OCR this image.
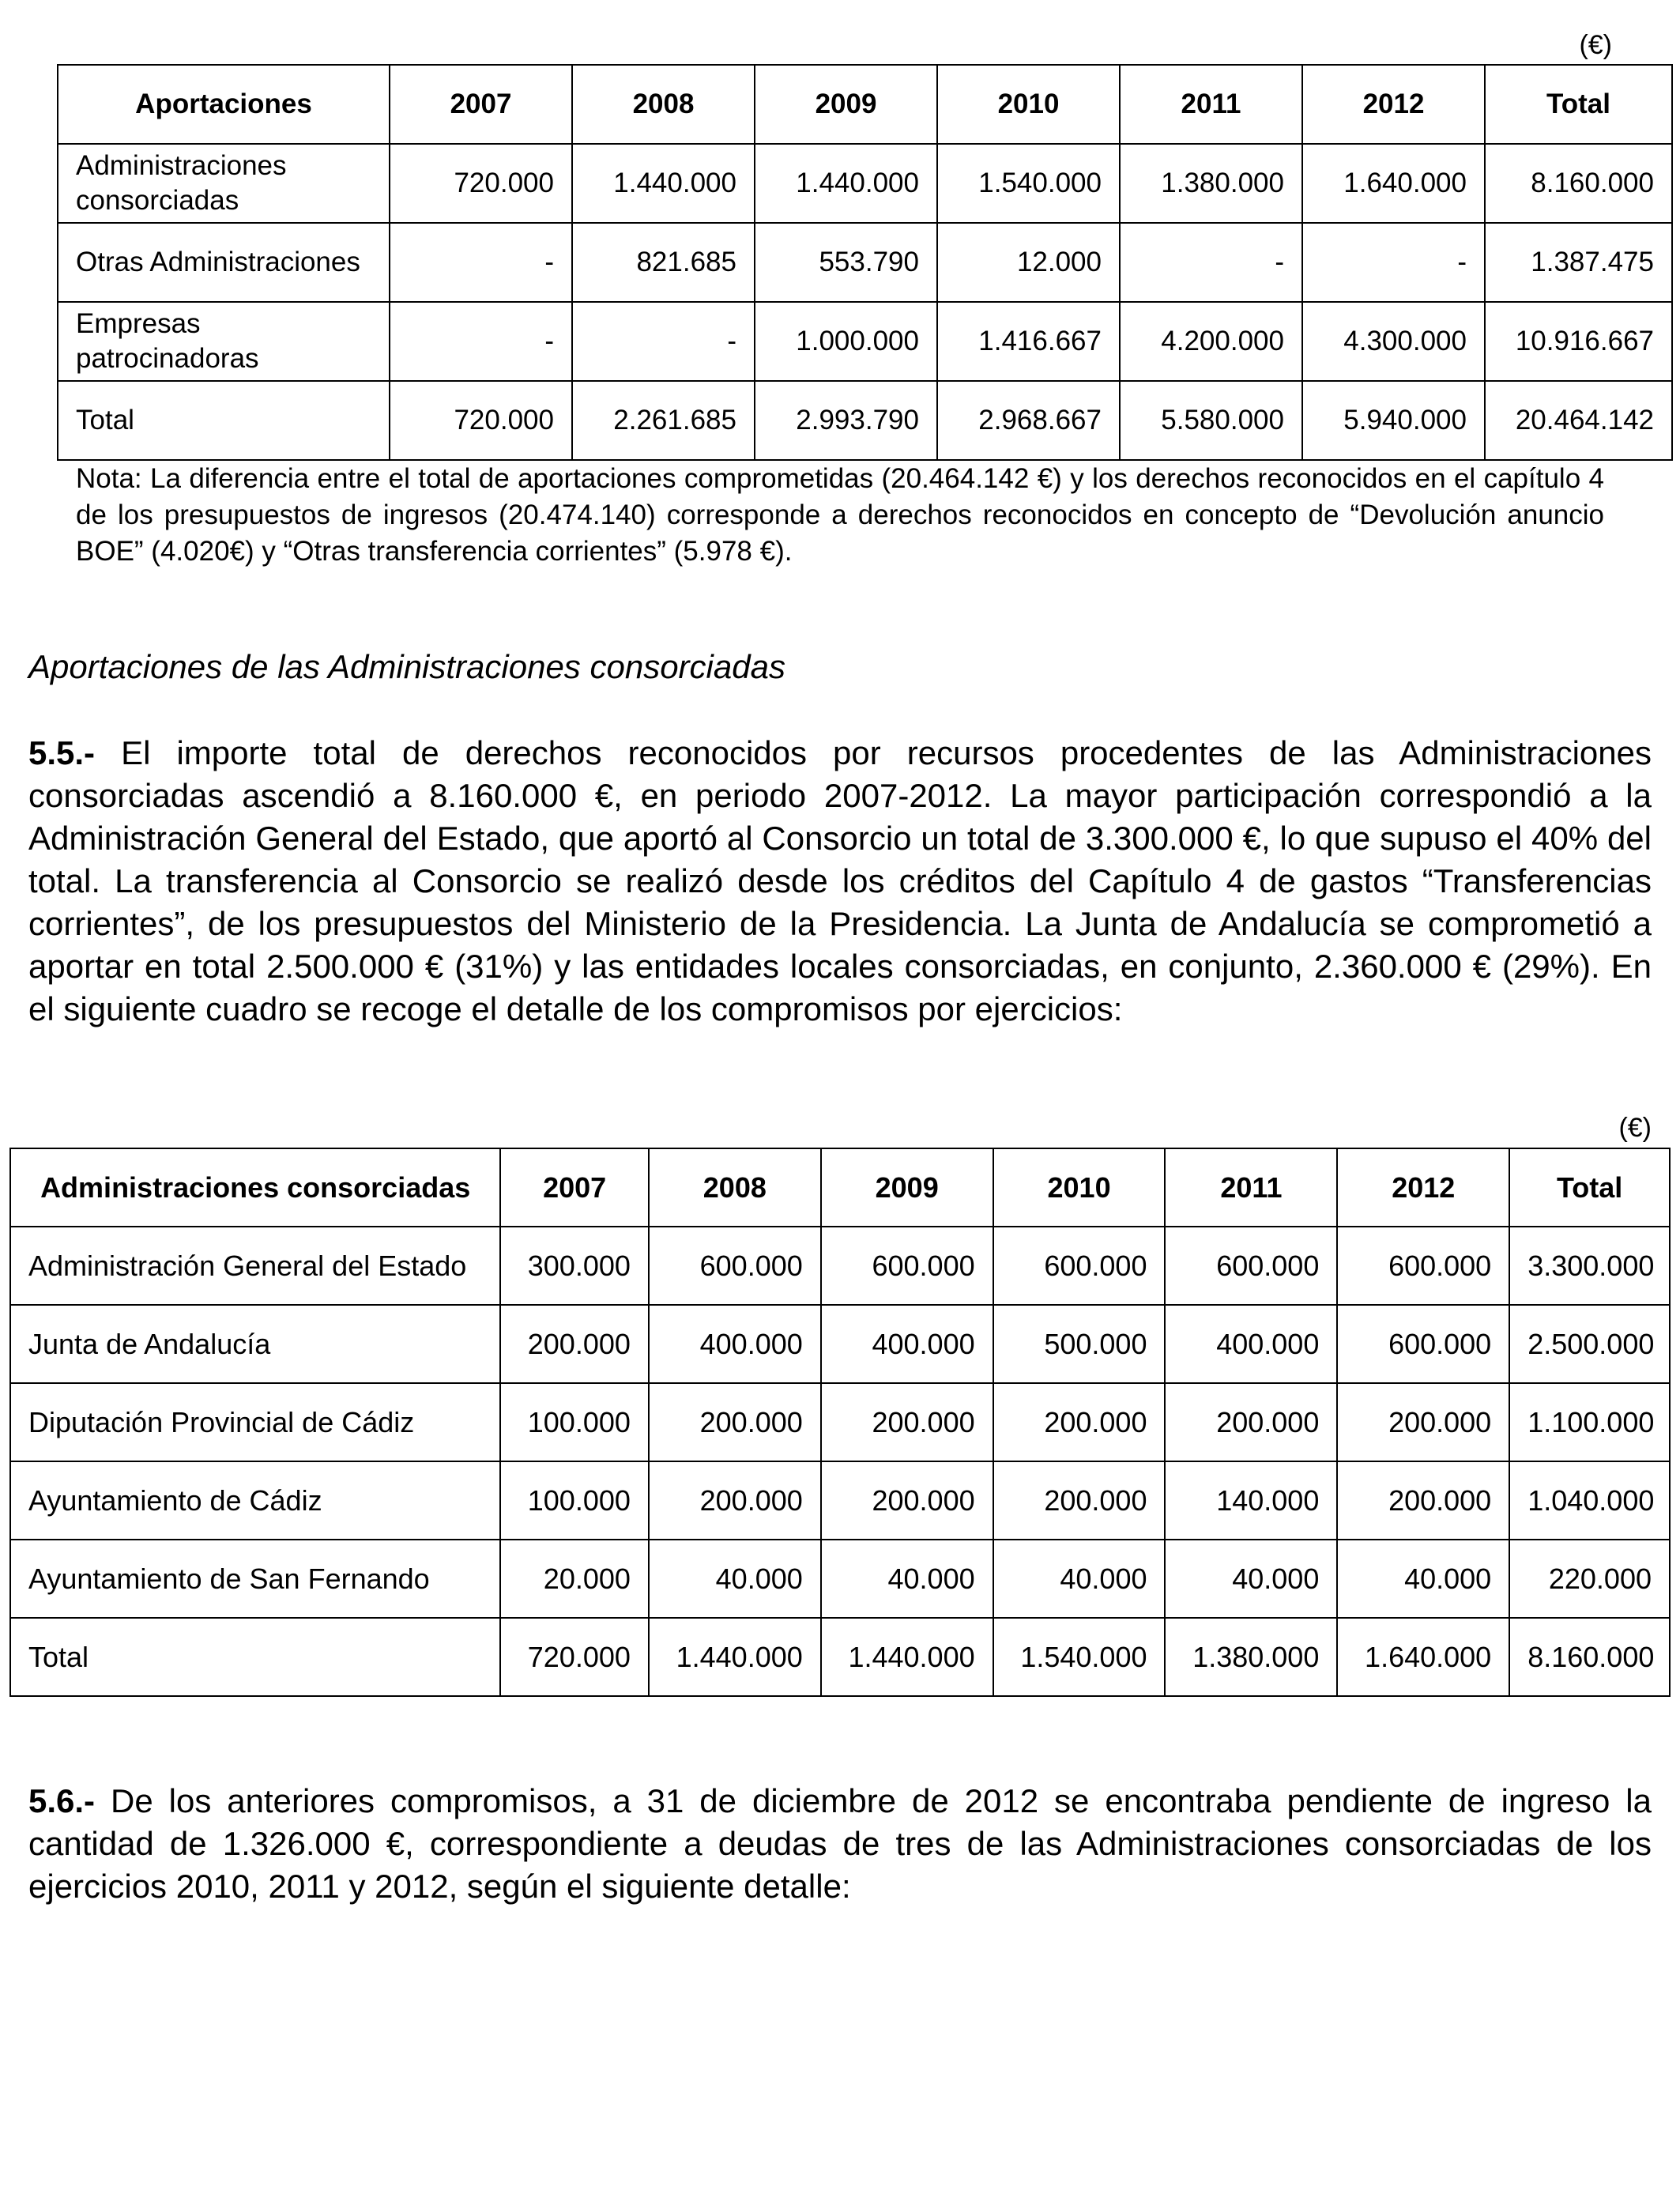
(€)
Aportaciones	2007	2008	2009	2010	2011	2012	Total
Administraciones consorciadas	720.000	1.440.000	1.440.000	1.540.000	1.380.000	1.640.000	8.160.000
Otras Administraciones	-	821.685	553.790	12.000	-	-	1.387.475
Empresas patrocinadoras	-	-	1.000.000	1.416.667	4.200.000	4.300.000	10.916.667
Total	720.000	2.261.685	2.993.790	2.968.667	5.580.000	5.940.000	20.464.142
Nota: La diferencia entre el total de aportaciones comprometidas (20.464.142 €) y los derechos reconocidos en el capítulo 4 de los presupuestos de ingresos (20.474.140) corresponde a derechos reconocidos en concepto de “Devolución anuncio BOE” (4.020€) y “Otras transferencia corrientes” (5.978 €).
Aportaciones de las Administraciones consorciadas
5.5.- El importe total de derechos reconocidos por recursos procedentes de las Administraciones consorciadas ascendió a 8.160.000 €, en periodo 2007-2012. La mayor participación correspondió a la Administración General del Estado, que aportó al Consorcio un total de 3.300.000 €, lo que supuso el 40% del total. La transferencia al Consorcio se realizó desde los créditos del Capítulo 4 de gastos “Transferencias corrientes”, de los presupuestos del Ministerio de la Presidencia. La Junta de Andalucía se comprometió a aportar en total 2.500.000 € (31%) y las entidades locales consorciadas, en conjunto, 2.360.000 € (29%). En el siguiente cuadro se recoge el detalle de los compromisos por ejercicios:
(€)
Administraciones consorciadas	2007	2008	2009	2010	2011	2012	Total
Administración General del Estado	300.000	600.000	600.000	600.000	600.000	600.000	3.300.000
Junta de Andalucía	200.000	400.000	400.000	500.000	400.000	600.000	2.500.000
Diputación Provincial de Cádiz	100.000	200.000	200.000	200.000	200.000	200.000	1.100.000
Ayuntamiento de Cádiz	100.000	200.000	200.000	200.000	140.000	200.000	1.040.000
Ayuntamiento de San Fernando	20.000	40.000	40.000	40.000	40.000	40.000	220.000
Total	720.000	1.440.000	1.440.000	1.540.000	1.380.000	1.640.000	8.160.000
5.6.- De los anteriores compromisos, a 31 de diciembre de 2012 se encontraba pendiente de ingreso la cantidad de 1.326.000 €, correspondiente a deudas de tres de las Administraciones consorciadas de los ejercicios 2010, 2011 y 2012, según el siguiente detalle:
